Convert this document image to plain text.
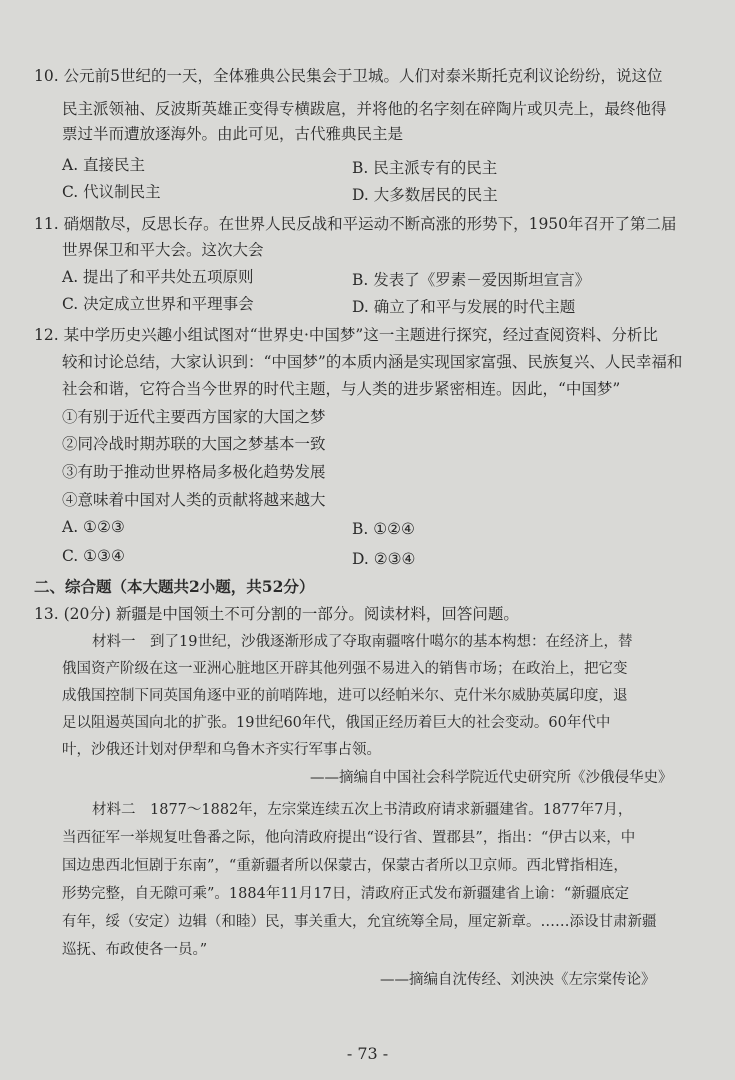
10. 公元前5世纪的一天，全体雅典公民集会于卫城。人们对泰米斯托克利议论纷纷，说这位
民主派领袖、反波斯英雄正变得专横跋扈，并将他的名字刻在碎陶片或贝壳上，最终他得
票过半而遭放逐海外。由此可见，古代雅典民主是
A. 直接民主	B. 民主派专有的民主
C. 代议制民主	D. 大多数居民的民主
11. 硝烟散尽，反思长存。在世界人民反战和平运动不断高涨的形势下，1950年召开了第二届
世界保卫和平大会。这次大会
A. 提出了和平共处五项原则	B. 发表了《罗素－爱因斯坦宣言》
C. 决定成立世界和平理事会	D. 确立了和平与发展的时代主题
12. 某中学历史兴趣小组试图对“世界史·中国梦”这一主题进行探究，经过查阅资料、分析比
较和讨论总结，大家认识到：“中国梦”的本质内涵是实现国家富强、民族复兴、人民幸福和
社会和谐，它符合当今世界的时代主题，与人类的进步紧密相连。因此，“中国梦”
①有别于近代主要西方国家的大国之梦
②同冷战时期苏联的大国之梦基本一致
③有助于推动世界格局多极化趋势发展
④意味着中国对人类的贡献将越来越大
A. ①②③	B. ①②④
C. ①③④	D. ②③④
二、综合题（本大题共2小题，共52分）
13. (20分) 新疆是中国领土不可分割的一部分。阅读材料，回答问题。
材料一　到了19世纪，沙俄逐渐形成了夺取南疆喀什噶尔的基本构想：在经济上，替
俄国资产阶级在这一亚洲心脏地区开辟其他列强不易进入的销售市场；在政治上，把它变
成俄国控制下同英国角逐中亚的前哨阵地，进可以经帕米尔、克什米尔威胁英属印度，退
足以阻遏英国向北的扩张。19世纪60年代，俄国正经历着巨大的社会变动。60年代中
叶，沙俄还计划对伊犁和乌鲁木齐实行军事占领。
——摘编自中国社会科学院近代史研究所《沙俄侵华史》
材料二　1877～1882年，左宗棠连续五次上书清政府请求新疆建省。1877年7月，
当西征军一举规复吐鲁番之际，他向清政府提出“设行省、置郡县”，指出：“伊古以来，中
国边患西北恒剧于东南”，“重新疆者所以保蒙古，保蒙古者所以卫京师。西北臂指相连，
形势完整，自无隙可乘”。1884年11月17日，清政府正式发布新疆建省上谕：“新疆底定
有年，绥（安定）边辑（和睦）民，事关重大，允宜统筹全局，厘定新章。……添设甘肃新疆
巡抚、布政使各一员。”
——摘编自沈传经、刘泱泱《左宗棠传论》
- 73 -
